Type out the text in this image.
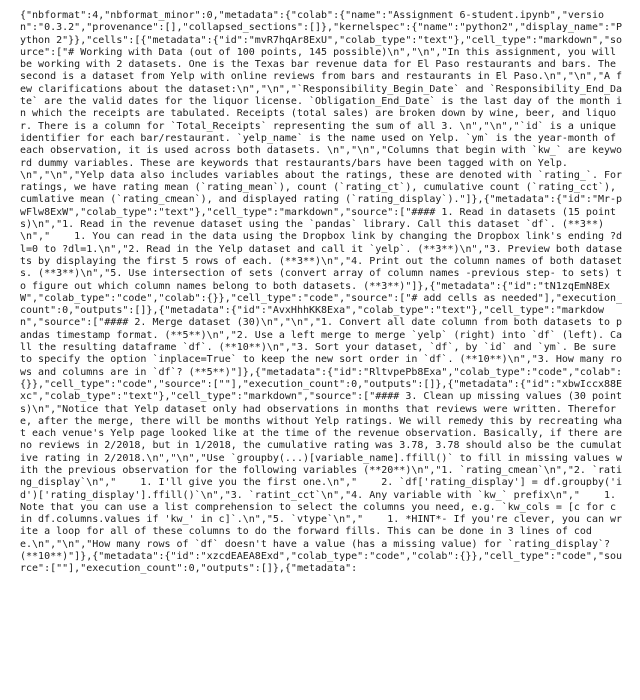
{"nbformat":4,"nbformat_minor":0,"metadata":{"colab":{"name":"Assignment 6-student.ipynb","version":"0.3.2","provenance":[],"collapsed_sections":[]},"kernelspec":{"name":"python2","display_name":"Python 2"}},"cells":[{"metadata":{"id":"mvR7hqAr8ExU","colab_type":"text"},"cell_type":"markdown","source":["# Working with Data (out of 100 points, 145 possible)\n","\n","In this assignment, you will be working with 2 datasets. One is the Texas bar revenue data for El Paso restaurants and bars. The second is a dataset from Yelp with online reviews from bars and restaurants in El Paso.\n","\n","A few clarifications about the dataset:\n","\n","`Responsibility_Begin_Date` and `Responsibility_End_Date` are the valid dates for the liquor license. `Obligation_End_Date` is the last day of the month in which the receipts are tabulated. Receipts (total sales) are broken down by wine, beer, and liquor. There is a column for `Total_Receipts` representing the sum of all 3. \n","\n","`id` is a unique identifier for each bar/restaurant. `yelp_name` is the name used on Yelp. `ym` is the year-month of each observation, it is used across both datasets. \n","\n","Columns that begin with `kw_` are keyword dummy variables. These are keywords that restaurants/bars have been tagged with on Yelp. \n","\n","Yelp data also includes variables about the ratings, these are denoted with `rating_`. For ratings, we have rating mean (`rating_mean`), count (`rating_ct`), cumulative count (`rating_cct`), cumlative mean (`rating_cmean`), and displayed rating (`rating_display`)."]},{"metadata":{"id":"Mr-pwFlw8ExW","colab_type":"text"},"cell_type":"markdown","source":["#### 1. Read in datasets (15 points)\n","1. Read in the revenue dataset using the `pandas` library. Call this dataset `df`. (**3**)\n","    1. You can read in the data using the Dropbox link by changing the Dropbox link's ending ?dl=0 to ?dl=1.\n","2. Read in the Yelp dataset and call it `yelp`. (**3**)\n","3. Preview both datasets by displaying the first 5 rows of each. (**3**)\n","4. Print out the column names of both datasets. (**3**)\n","5. Use intersection of sets (convert array of column names -previous step- to sets) to figure out which column names belong to both datasets. (**3**)"]},{"metadata":{"id":"tN1zqEmN8ExW","colab_type":"code","colab":{}},"cell_type":"code","source":["# add cells as needed"],"execution_count":0,"outputs":[]},{"metadata":{"id":"AvxHhhKK8Exa","colab_type":"text"},"cell_type":"markdown","source":["#### 2. Merge dataset (30)\n","\n","1. Convert all date column from both datasets to pandas timestamp format. (**5**)\n","2. Use a left merge to merge `yelp` (right) into `df` (left). Call the resulting dataframe `df`. (**10**)\n","3. Sort your dataset, `df`, by `id` and `ym`. Be sure to specify the option `inplace=True` to keep the new sort order in `df`. (**10**)\n","3. How many rows and columns are in `df`? (**5**)"]},{"metadata":{"id":"RltvpePb8Exa","colab_type":"code","colab":{}},"cell_type":"code","source":[""],"execution_count":0,"outputs":[]},{"metadata":{"id":"xbwIccx88Exc","colab_type":"text"},"cell_type":"markdown","source":["#### 3. Clean up missing values (30 points)\n","Notice that Yelp dataset only had observations in months that reviews were written. Therefore, after the merge, there will be months without Yelp ratings. We will remedy this by recreating what each venue's Yelp page looked like at the time of the revenue observation. Basically, if there are no reviews in 2/2018, but in 1/2018, the cumulative rating was 3.78, 3.78 should also be the cumulative rating in 2/2018.\n","\n","Use `groupby(...)[variable_name].ffill()` to fill in missing values with the previous observation for the following variables (**20**)\n","1. `rating_cmean`\n","2. `rating_display`\n","    1. I'll give you the first one.\n","    2. `df['rating_display'] = df.groupby('id')['rating_display'].ffill()`\n","3. `ratint_cct`\n","4. Any variable with `kw_` prefix\n","    1. Note that you can use a list comprehension to select the columns you need, e.g. `kw_cols = [c for c in df.columns.values if 'kw_' in c]`.\n","5. `vtype`\n","    1. *HINT*- If you're clever, you can write a loop for all of these columns to do the forward fills. This can be done in 3 lines of code.\n","\n","How many rows of `df` doesn't have a value (has a missing value) for `rating_display`? (**10**)"]},{"metadata":{"id":"xzcdEAEA8Exd","colab_type":"code","colab":{}},"cell_type":"code","source":[""],"execution_count":0,"outputs":[]},{"metadata":
